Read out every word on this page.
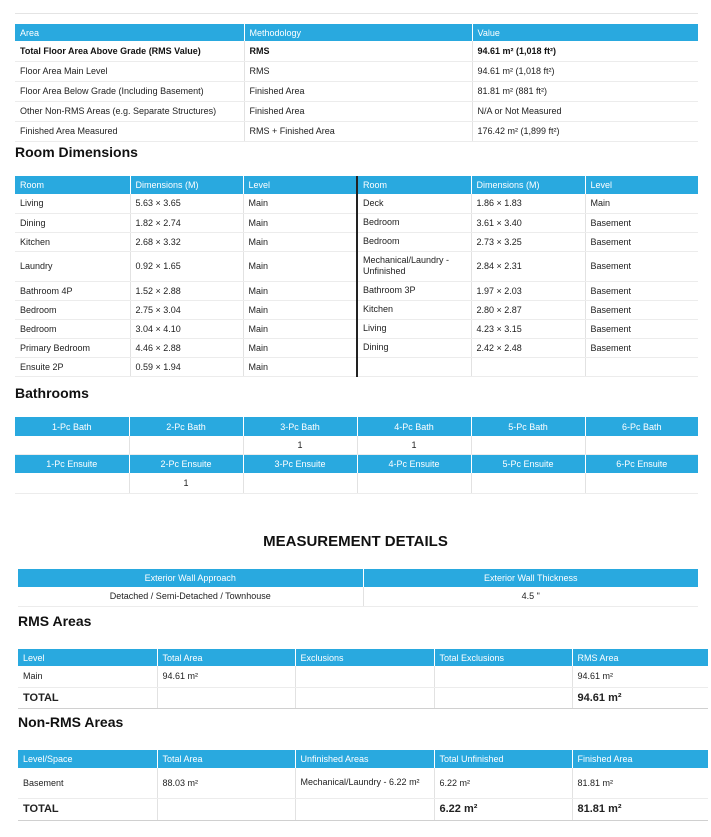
Area	Methodology	Value
Total Floor Area Above Grade (RMS Value)	RMS	94.61 m² (1,018 ft²)
Floor Area Main Level	RMS	94.61 m² (1,018 ft²)
Floor Area Below Grade (Including Basement)	Finished Area	81.81 m² (881 ft²)
Other Non-RMS Areas (e.g. Separate Structures)	Finished Area	N/A or Not Measured
Finished Area Measured	RMS + Finished Area	176.42 m² (1,899 ft²)
Room Dimensions
Room	Dimensions (M)	Level	Room	Dimensions (M)	Level
Living	5.63 × 3.65	Main	Deck	1.86 × 1.83	Main
Dining	1.82 × 2.74	Main	Bedroom	3.61 × 3.40	Basement
Kitchen	2.68 × 3.32	Main	Bedroom	2.73 × 3.25	Basement
Laundry	0.92 × 1.65	Main	Mechanical/Laundry - Unfinished	2.84 × 2.31	Basement
Bathroom 4P	1.52 × 2.88	Main	Bathroom 3P	1.97 × 2.03	Basement
Bedroom	2.75 × 3.04	Main	Kitchen	2.80 × 2.87	Basement
Bedroom	3.04 × 4.10	Main	Living	4.23 × 3.15	Basement
Primary Bedroom	4.46 × 2.88	Main	Dining	2.42 × 2.48	Basement
Ensuite 2P	0.59 × 1.94	Main			
Bathrooms
1-Pc Bath	2-Pc Bath	3-Pc Bath	4-Pc Bath	5-Pc Bath	6-Pc Bath
		1	1		
1-Pc Ensuite	2-Pc Ensuite	3-Pc Ensuite	4-Pc Ensuite	5-Pc Ensuite	6-Pc Ensuite
	1				
MEASUREMENT DETAILS
Exterior Wall Approach	Exterior Wall Thickness
Detached / Semi-Detached / Townhouse	4.5 "
RMS Areas
Level	Total Area	Exclusions	Total Exclusions	RMS Area
Main	94.61 m²			94.61 m²
TOTAL				94.61 m²
Non-RMS Areas
Level/Space	Total Area	Unfinished Areas	Total Unfinished	Finished Area
Basement	88.03 m²	Mechanical/Laundry - 6.22 m²	6.22 m²	81.81 m²
TOTAL			6.22 m²	81.81 m²
